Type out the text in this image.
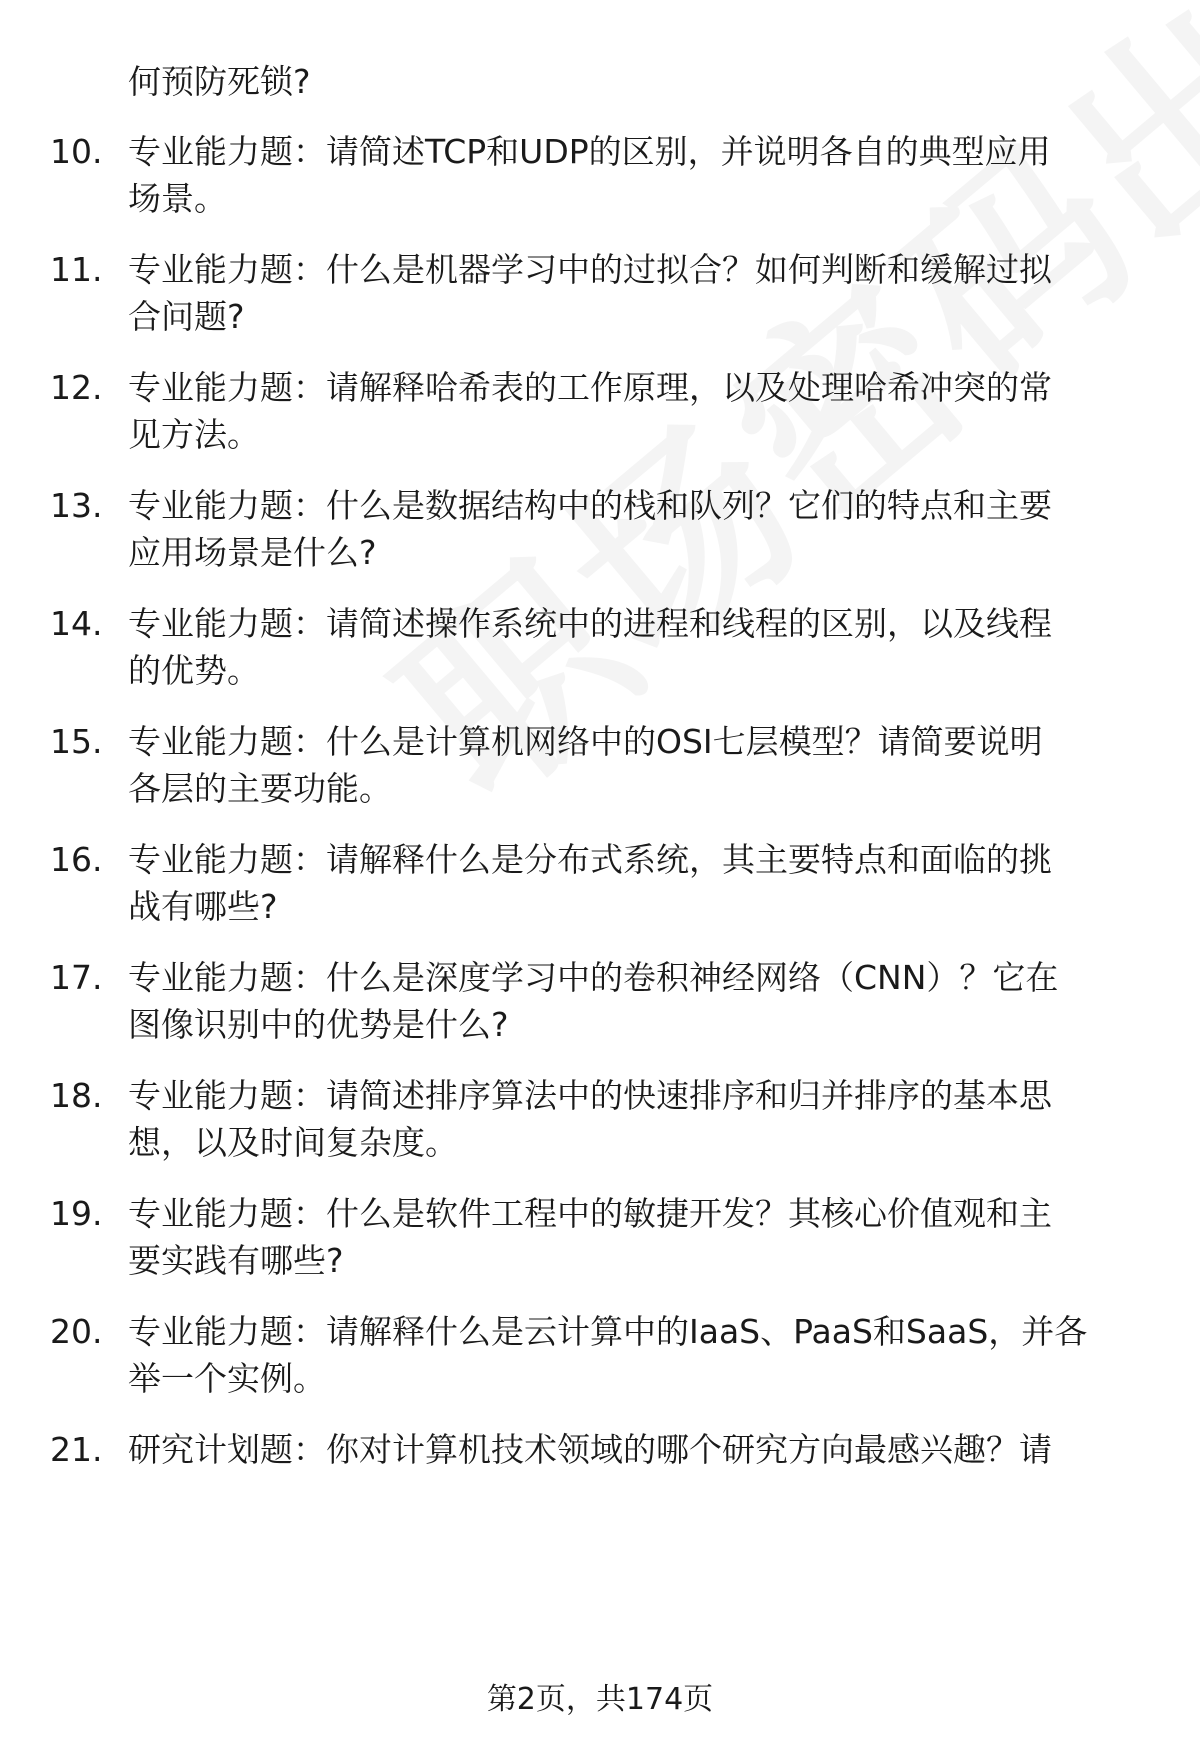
何预防死锁?

10. 专业能力题：请简述TCP和UDP的区别，并说明各自的典型应用
场景。

11. 专业能力题：什么是机器学习中的过拟合？如何判断和缓解过拟
合问题?

12. 专业能力题：请解释哈希表的工作原理，以及处理哈希冲突的常
见方法。

13. 专业能力题：什么是数据结构中的栈和队列？它们的特点和主要
应用场景是什么?

14. 专业能力题：请简述操作系统中的进程和线程的区别，以及线程
的优势。

15. 专业能力题：什么是计算机网络中的OSI七层模型？请简要说明
各层的主要功能。

16. 专业能力题：请解释什么是分布式系统，其主要特点和面临的挑
战有哪些?

17. 专业能力题：什么是深度学习中的卷积神经网络（CNN）？它在
图像识别中的优势是什么?

18. 专业能力题：请简述排序算法中的快速排序和归并排序的基本思
想，以及时间复杂度。

19. 专业能力题：什么是软件工程中的敏捷开发？其核心价值观和主
要实践有哪些?

20. 专业能力题：请解释什么是云计算中的IaaS、PaaS和SaaS，并各
举一个实例。

21. 研究计划题：你对计算机技术领域的哪个研究方向最感兴趣？请

第2页，共174页
